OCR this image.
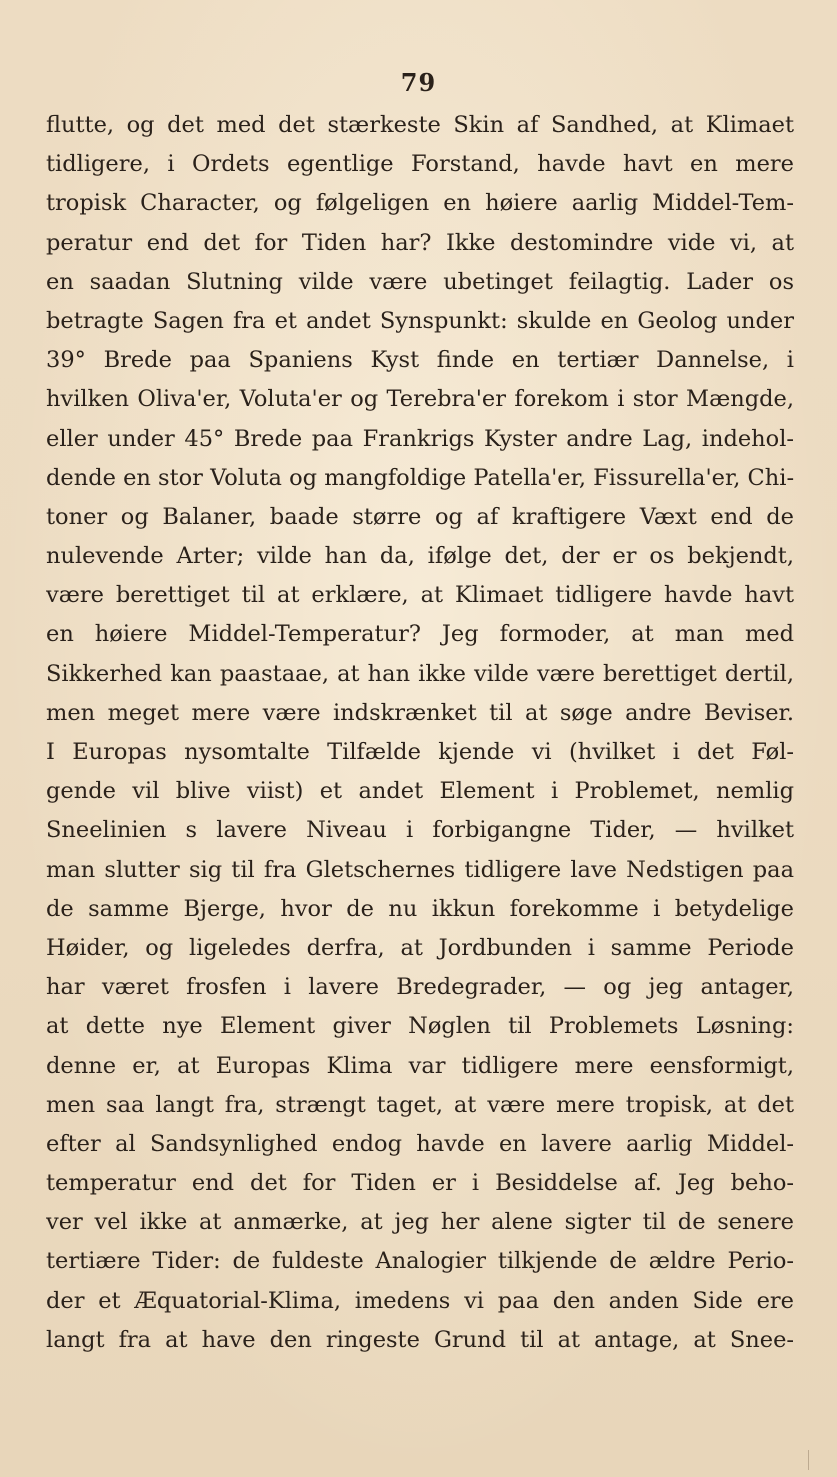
79
flutte, og det med det stærkeste Skin af Sandhed, at Klimaet
tidligere, i Ordets egentlige Forstand, havde havt en mere
tropisk Character, og følgeligen en høiere aarlig Middel-Tem-
peratur end det for Tiden har? Ikke destomindre vide vi, at
en saadan Slutning vilde være ubetinget feilagtig. Lader os
betragte Sagen fra et andet Synspunkt: skulde en Geolog under
39° Brede paa Spaniens Kyst finde en tertiær Dannelse, i
hvilken Oliva'er, Voluta'er og Terebra'er forekom i stor Mængde,
eller under 45° Brede paa Frankrigs Kyster andre Lag, indehol-
dende en stor Voluta og mangfoldige Patella'er, Fissurella'er, Chi-
toner og Balaner, baade større og af kraftigere Væxt end de
nulevende Arter; vilde han da, ifølge det, der er os bekjendt,
være berettiget til at erklære, at Klimaet tidligere havde havt
en høiere Middel-Temperatur? Jeg formoder, at man med
Sikkerhed kan paastaae, at han ikke vilde være berettiget dertil,
men meget mere være indskrænket til at søge andre Beviser.
I Europas nysomtalte Tilfælde kjende vi (hvilket i det Føl-
gende vil blive viist) et andet Element i Problemet, nemlig
Sneelinien s lavere Niveau i forbigangne Tider, — hvilket
man slutter sig til fra Gletschernes tidligere lave Nedstigen paa
de samme Bjerge, hvor de nu ikkun forekomme i betydelige
Høider, og ligeledes derfra, at Jordbunden i samme Periode
har været frosfen i lavere Bredegrader, — og jeg antager,
at dette nye Element giver Nøglen til Problemets Løsning:
denne er, at Europas Klima var tidligere mere eensformigt,
men saa langt fra, strængt taget, at være mere tropisk, at det
efter al Sandsynlighed endog havde en lavere aarlig Middel-
temperatur end det for Tiden er i Besiddelse af. Jeg beho-
ver vel ikke at anmærke, at jeg her alene sigter til de senere
tertiære Tider: de fuldeste Analogier tilkjende de ældre Perio-
der et Æquatorial-Klima, imedens vi paa den anden Side ere
langt fra at have den ringeste Grund til at antage, at Snee-
